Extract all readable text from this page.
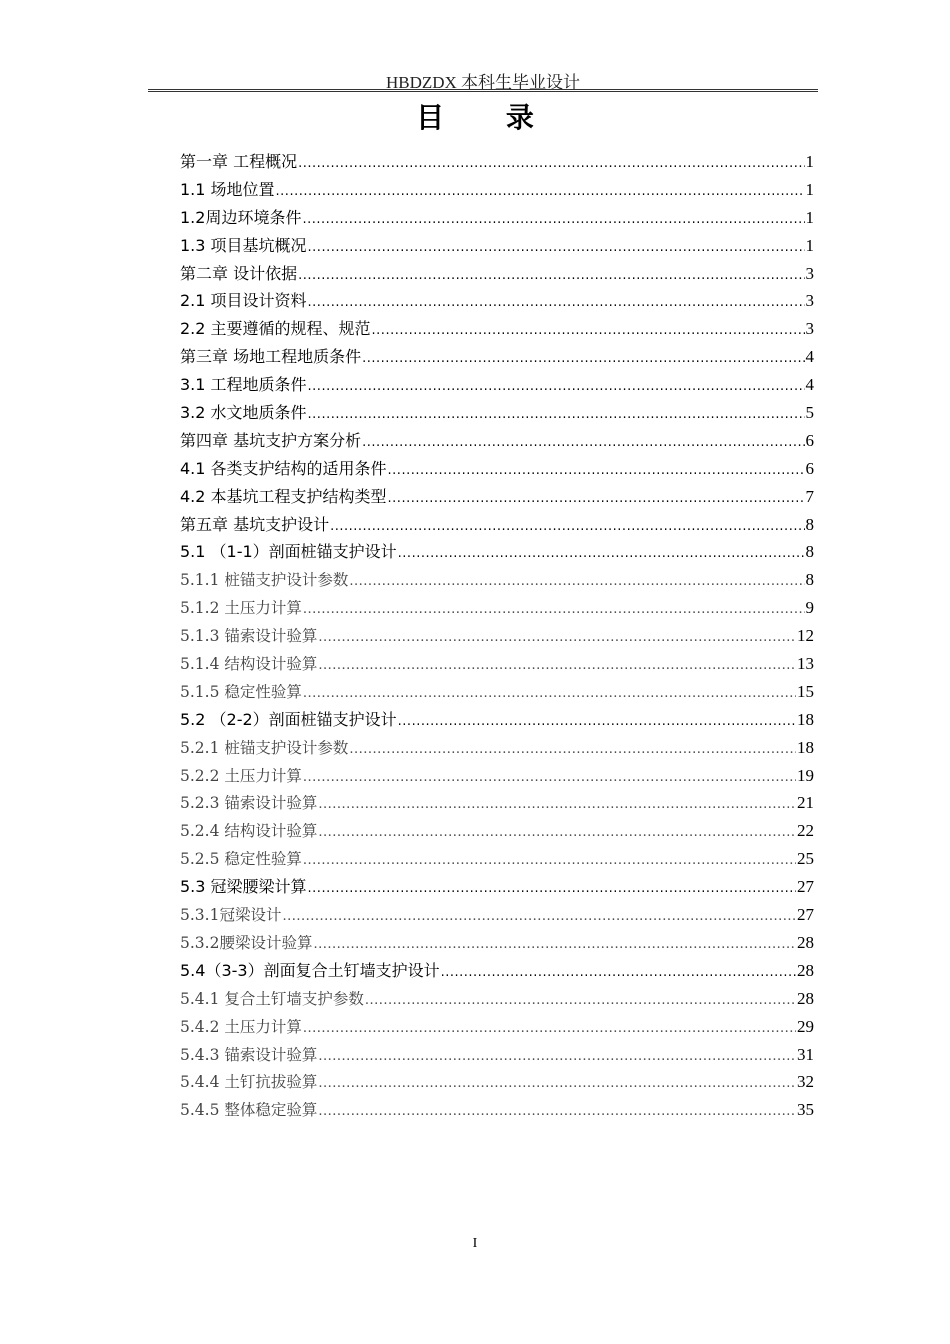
HBDZDX 本科生毕业设计
目 录
第一章 工程概况 .....	1
1.1 场地位置 .....	1
1.2周边环境条件 .....	1
1.3 项目基坑概况 .....	1
第二章 设计依据 .....	3
2.1 项目设计资料 .....	3
2.2 主要遵循的规程、规范 .....	3
第三章 场地工程地质条件 .....	4
3.1 工程地质条件 .....	4
3.2 水文地质条件 .....	5
第四章 基坑支护方案分析 .....	6
4.1 各类支护结构的适用条件 .....	6
4.2 本基坑工程支护结构类型 .....	7
第五章 基坑支护设计 .....	8
5.1 （1-1）剖面桩锚支护设计 .....	8
5.1.1 桩锚支护设计参数 .....	8
5.1.2 土压力计算 .....	9
5.1.3 锚索设计验算 .....	12
5.1.4 结构设计验算 .....	13
5.1.5 稳定性验算 .....	15
5.2 （2-2）剖面桩锚支护设计 .....	18
5.2.1 桩锚支护设计参数 .....	18
5.2.2 土压力计算 .....	19
5.2.3 锚索设计验算 .....	21
5.2.4 结构设计验算 .....	22
5.2.5 稳定性验算 .....	25
5.3 冠梁腰梁计算 .....	27
5.3.1冠梁设计 .....	27
5.3.2腰梁设计验算 .....	28
5.4（3-3）剖面复合土钉墙支护设计 .....	28
5.4.1 复合土钉墙支护参数 .....	28
5.4.2 土压力计算 .....	29
5.4.3 锚索设计验算 .....	31
5.4.4 土钉抗拔验算 .....	32
5.4.5 整体稳定验算 .....	35
I
